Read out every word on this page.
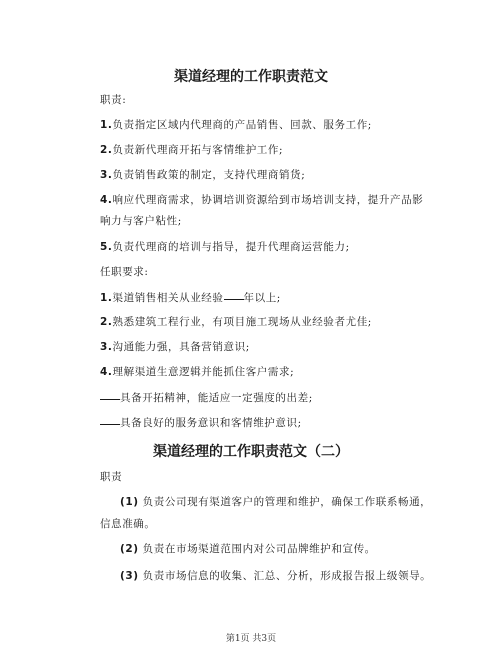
渠道经理的工作职责范文
职责:
1.负责指定区域内代理商的产品销售、回款、服务工作;
2.负责新代理商开拓与客情维护工作;
3.负责销售政策的制定，支持代理商销货;
4.响应代理商需求，协调培训资源给到市场培训支持，提升产品影
响力与客户粘性;
5.负责代理商的培训与指导，提升代理商运营能力;
任职要求:
1.渠道销售相关从业经验 年以上;
2.熟悉建筑工程行业，有项目施工现场从业经验者尤佳;
3.沟通能力强，具备营销意识;
4.理解渠道生意逻辑并能抓住客户需求;
具备开拓精神，能适应一定强度的出差;
具备良好的服务意识和客情维护意识;
渠道经理的工作职责范文（二）
职责
(1) 负责公司现有渠道客户的管理和维护，确保工作联系畅通，
信息准确。
(2) 负责在市场渠道范围内对公司品牌维护和宣传。
(3) 负责市场信息的收集、汇总、分析，形成报告报上级领导。
第1页 共3页
